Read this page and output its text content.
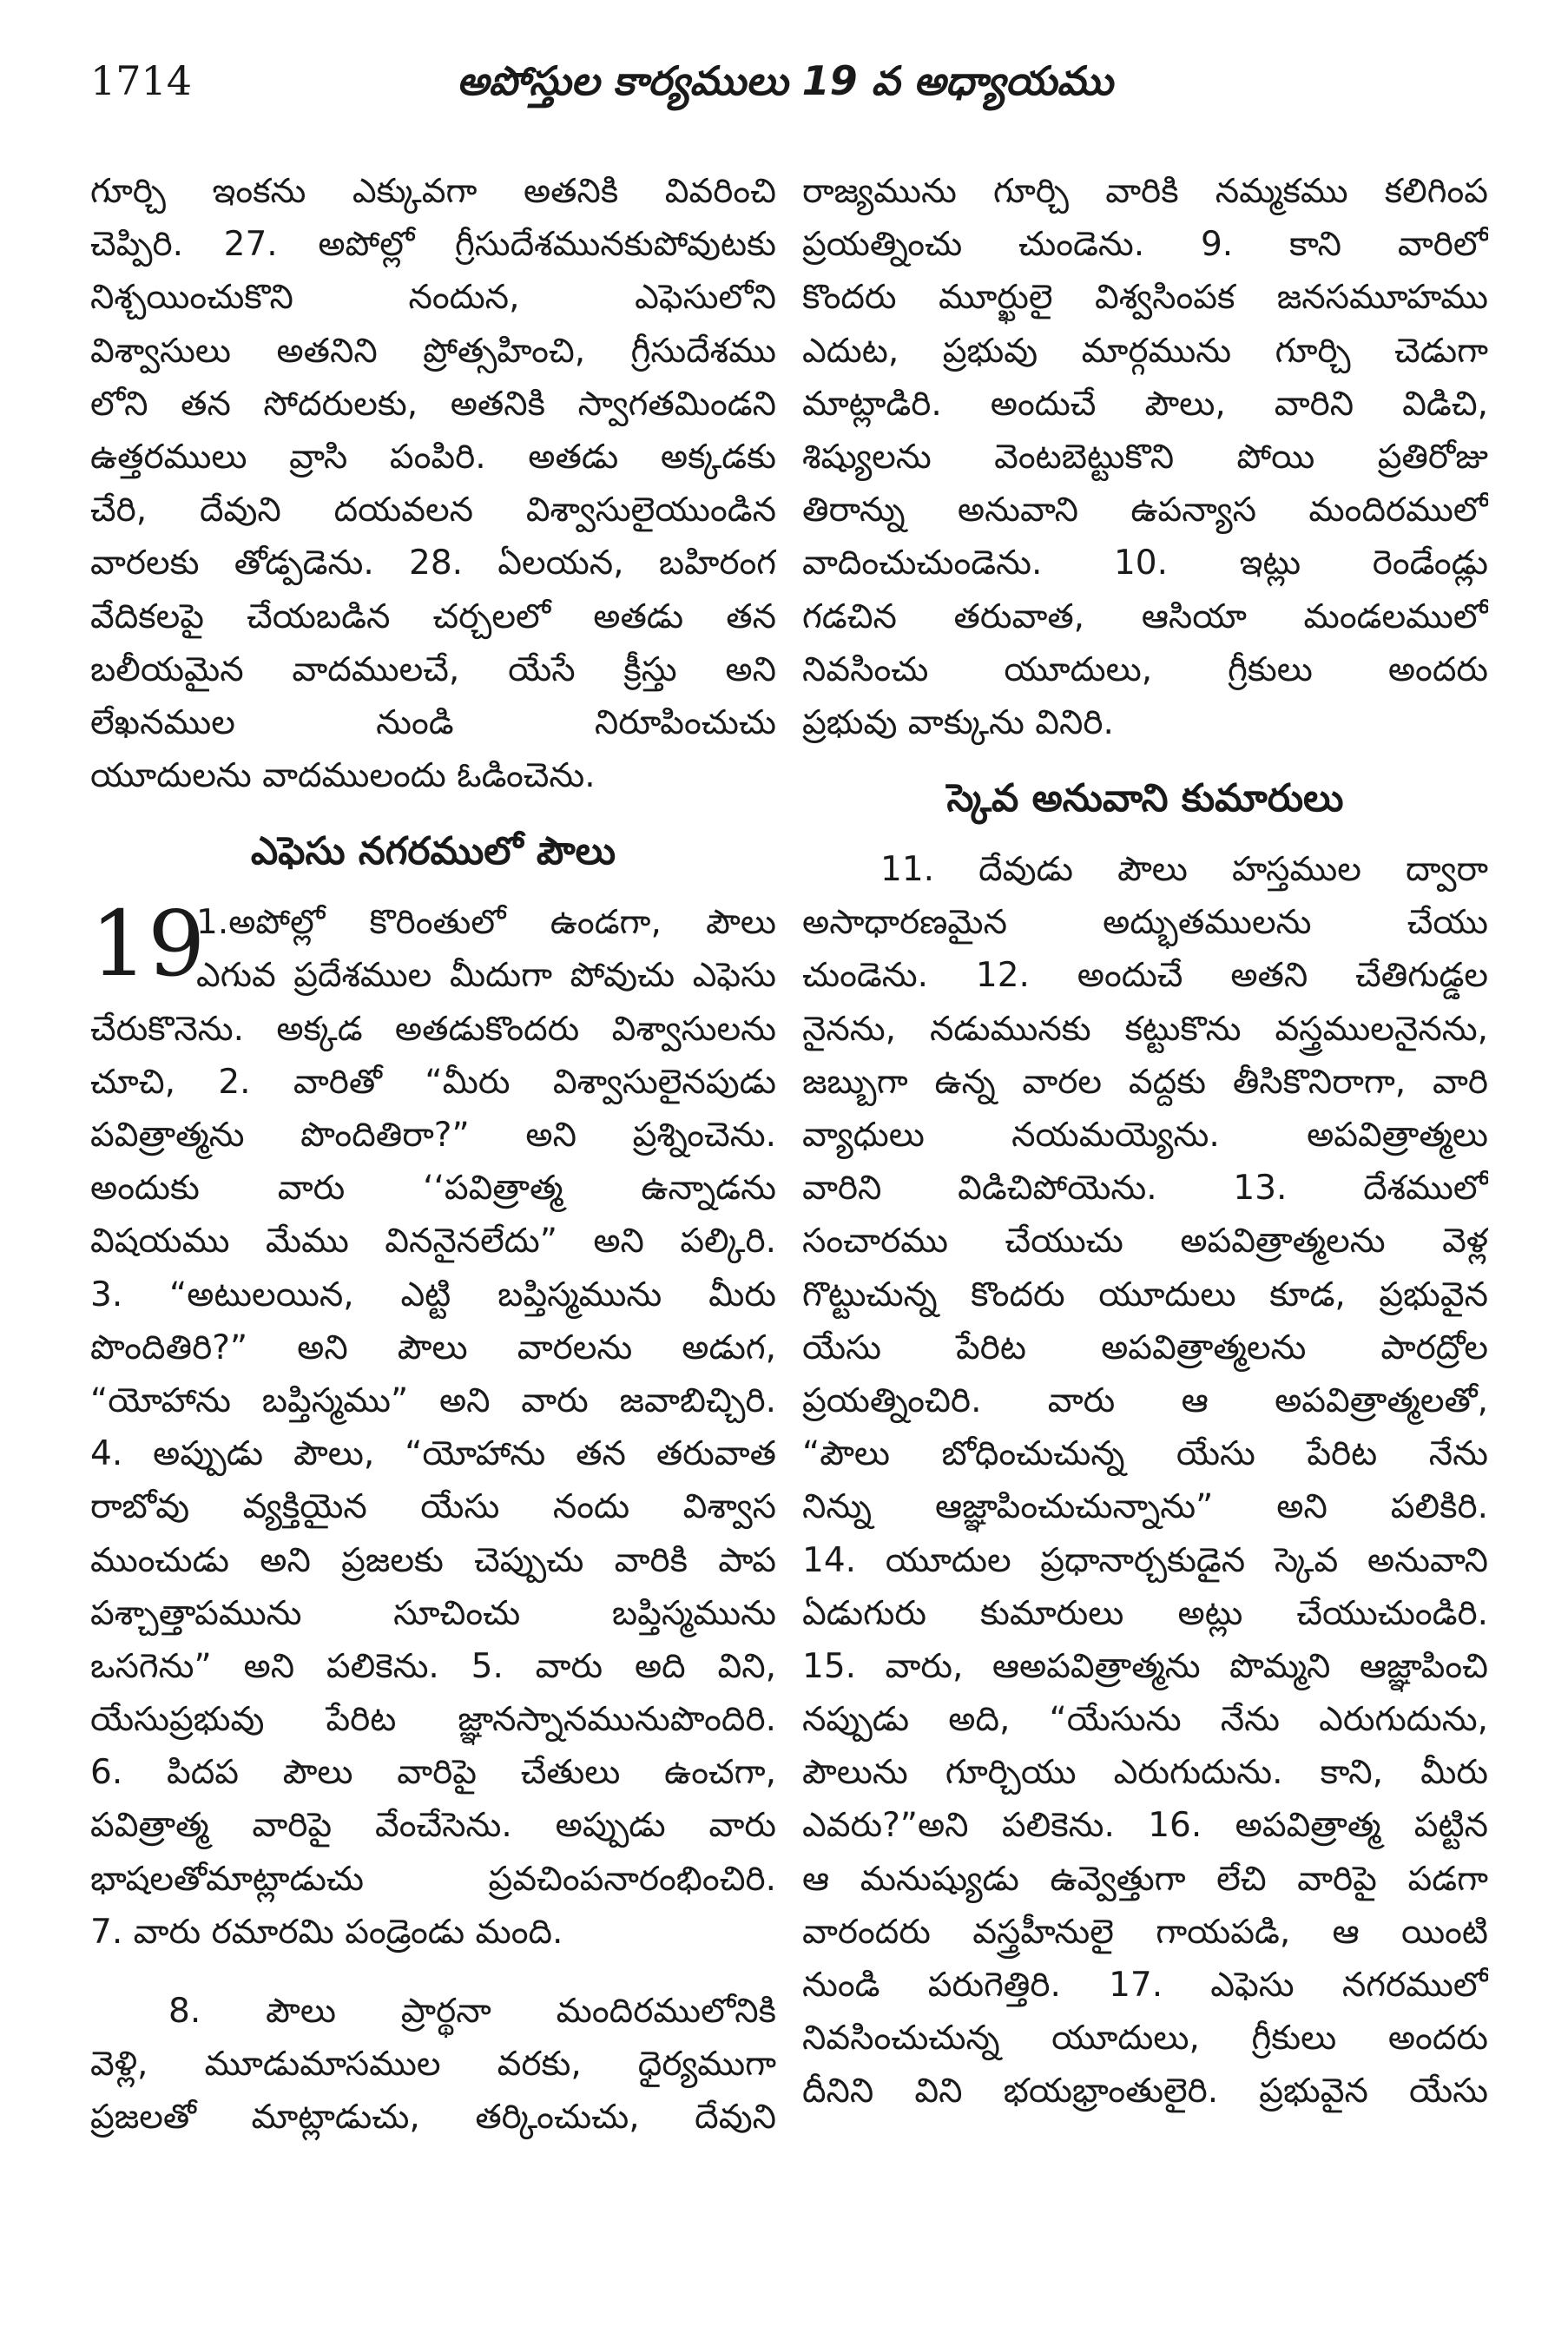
1714	అపోస్తుల కార్యములు 19 వ అధ్యాయము
గూర్చి ఇంకను ఎక్కువగా అతనికి వివరించి
చెప్పిరి. 27. అపోల్లో గ్రీసుదేశమునకుపోవుటకు
నిశ్చయించుకొని నందున, ఎఫెసులోని
విశ్వాసులు అతనిని ప్రోత్సహించి, గ్రీసుదేశము
లోని తన సోదరులకు, అతనికి స్వాగతమిండని
ఉత్తరములు వ్రాసి పంపిరి. అతడు అక్కడకు
చేరి, దేవుని దయవలన విశ్వాసులైయుండిన
వారలకు తోడ్పడెను. 28. ఏలయన, బహిరంగ
వేదికలపై చేయబడిన చర్చలలో అతడు తన
బలీయమైన వాదములచే, యేసే క్రీస్తు అని
లేఖనముల నుండి నిరూపించుచు
యూదులను వాదములందు ఓడించెను.
ఎఫెసు నగరములో పౌలు
19
1.అపోల్లో కొరింతులో ఉండగా, పౌలు
ఎగువ ప్రదేశముల మీదుగా పోవుచు ఎఫెసు
చేరుకొనెను. అక్కడ అతడుకొందరు విశ్వాసులను
చూచి, 2. వారితో “మీరు విశ్వాసులైనపుడు
పవిత్రాత్మను పొందితిరా?” అని ప్రశ్నించెను.
అందుకు వారు ‘‘పవిత్రాత్మ ఉన్నాడను
విషయము మేము విననైనలేదు” అని పల్కిరి.
3. “అటులయిన, ఎట్టి బప్తిస్మమును మీరు
పొందితిరి?” అని పౌలు వారలను అడుగ,
“యోహాను బప్తిస్మము” అని వారు జవాబిచ్చిరి.
4. అప్పుడు పౌలు, “యోహాను తన తరువాత
రాబోవు వ్యక్తియైన యేసు నందు విశ్వాస
ముంచుడు అని ప్రజలకు చెప్పుచు వారికి పాప
పశ్చాత్తాపమును సూచించు బప్తిస్మమును
ఒసగెను” అని పలికెను. 5. వారు అది విని,
యేసుప్రభువు పేరిట జ్ఞానస్నానమునుపొందిరి.
6. పిదప పౌలు వారిపై చేతులు ఉంచగా,
పవిత్రాత్మ వారిపై వేంచేసెను. అప్పుడు వారు
భాషలతోమాట్లాడుచు ప్రవచింపనారంభించిరి.
7. వారు రమారమి పండ్రెండు మంది.
8. పౌలు ప్రార్థనా మందిరములోనికి
వెళ్లి, మూడుమాసముల వరకు, ధైర్యముగా
ప్రజలతో మాట్లాడుచు, తర్కించుచు, దేవుని
రాజ్యమును గూర్చి వారికి నమ్మకము కలిగింప
ప్రయత్నించు చుండెను. 9. కాని వారిలో
కొందరు మూర్ఖులై విశ్వసింపక జనసమూహము
ఎదుట, ప్రభువు మార్గమును గూర్చి చెడుగా
మాట్లాడిరి. అందుచే పౌలు, వారిని విడిచి,
శిష్యులను వెంటబెట్టుకొని పోయి ప్రతిరోజు
తిరాన్ను అనువాని ఉపన్యాస మందిరములో
వాదించుచుండెను. 10. ఇట్లు రెండేండ్లు
గడచిన తరువాత, ఆసియా మండలములో
నివసించు యూదులు, గ్రీకులు అందరు
ప్రభువు వాక్కును వినిరి.
స్కెవ అనువాని కుమారులు
11. దేవుడు పౌలు హస్తముల ద్వారా
అసాధారణమైన అద్భుతములను చేయు
చుండెను. 12. అందుచే అతని చేతిగుడ్డల
నైనను, నడుమునకు కట్టుకొను వస్త్రములనైనను,
జబ్బుగా ఉన్న వారల వద్దకు తీసికొనిరాగా, వారి
వ్యాధులు నయమయ్యెను. అపవిత్రాత్మలు
వారిని విడిచిపోయెను. 13. దేశములో
సంచారము చేయుచు అపవిత్రాత్మలను వెళ్ల
గొట్టుచున్న కొందరు యూదులు కూడ, ప్రభువైన
యేసు పేరిట అపవిత్రాత్మలను పారద్రోల
ప్రయత్నించిరి. వారు ఆ అపవిత్రాత్మలతో,
“పౌలు బోధించుచున్న యేసు పేరిట నేను
నిన్ను ఆజ్ఞాపించుచున్నాను” అని పలికిరి.
14. యూదుల ప్రధానార్చకుడైన స్కెవ అనువాని
ఏడుగురు కుమారులు అట్లు చేయుచుండిరి.
15. వారు, ఆఅపవిత్రాత్మను పొమ్మని ఆజ్ఞాపించి
నప్పుడు అది, “యేసును నేను ఎరుగుదును,
పౌలును గూర్చియు ఎరుగుదును. కాని, మీరు
ఎవరు?”అని పలికెను. 16. అపవిత్రాత్మ పట్టిన
ఆ మనుష్యుడు ఉవ్వెత్తుగా లేచి వారిపై పడగా
వారందరు వస్త్రహీనులై గాయపడి, ఆ యింటి
నుండి పరుగెత్తిరి. 17. ఎఫెసు నగరములో
నివసించుచున్న యూదులు, గ్రీకులు అందరు
దీనిని విని భయభ్రాంతులైరి. ప్రభువైన యేసు
